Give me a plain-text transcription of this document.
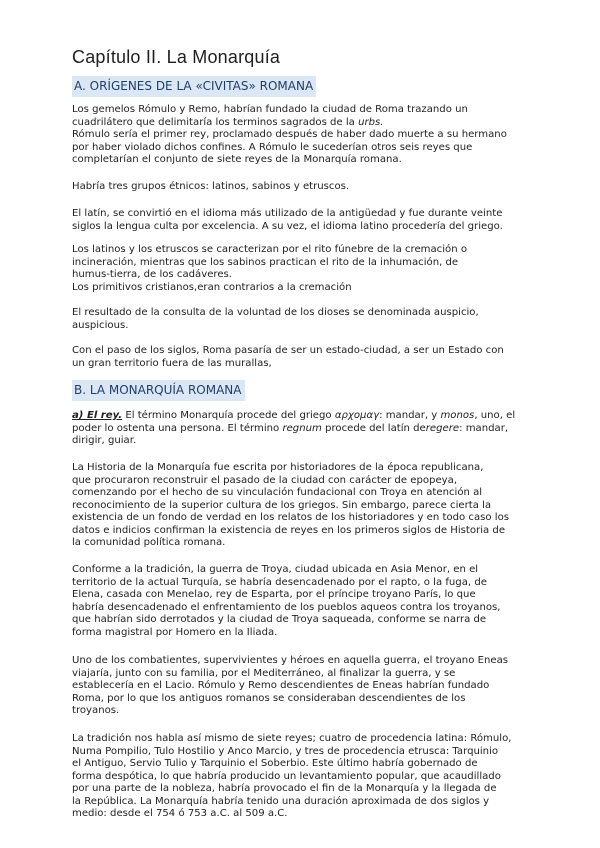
Capítulo II. La Monarquía
A. ORÍGENES DE LA «CIVITAS» ROMANA
Los gemelos Rómulo y Remo, habrían fundado la ciudad de Roma trazando un
cuadrilátero que delimitaría los terminos sagrados de la urbs.
Rómulo sería el primer rey, proclamado después de haber dado muerte a su hermano
por haber violado dichos confines. A Rómulo le sucederían otros seis reyes que
completarían el conjunto de siete reyes de la Monarquía romana.
Habría tres grupos étnicos: latinos, sabinos y etruscos.
El latín, se convirtió en el idioma más utilizado de la antigüedad y fue durante veinte
siglos la lengua culta por excelencia. A su vez, el idioma latino procedería del griego.
Los latinos y los etruscos se caracterizan por el rito fúnebre de la cremación o
incineración, mientras que los sabinos practican el rito de la inhumación, de
humus-tierra, de los cadáveres.
Los primitivos cristianos,eran contrarios a la cremación
El resultado de la consulta de la voluntad de los dioses se denominada auspicio,
auspicious.
Con el paso de los siglos, Roma pasaría de ser un estado-ciudad, a ser un Estado con
un gran territorio fuera de las murallas,
B. LA MONARQUÍA ROMANA
a) El rey. El término Monarquía procede del griego αρχομαγ: mandar, y monos, uno, el
poder lo ostenta una persona. El término regnum procede del latín deregere: mandar,
dirigir, guiar.
La Historia de la Monarquía fue escrita por historiadores de la época republicana,
que procuraron reconstruir el pasado de la ciudad con carácter de epopeya,
comenzando por el hecho de su vinculación fundacional con Troya en atención al
reconocimiento de la superior cultura de los griegos. Sin embargo, parece cierta la
existencia de un fondo de verdad en los relatos de los historiadores y en todo caso los
datos e indicios confirman la existencia de reyes en los primeros siglos de Historia de
la comunidad política romana.
Conforme a la tradición, la guerra de Troya, ciudad ubicada en Asia Menor, en el
territorio de la actual Turquía, se habría desencadenado por el rapto, o la fuga, de
Elena, casada con Menelao, rey de Esparta, por el príncipe troyano París, lo que
habría desencadenado el enfrentamiento de los pueblos aqueos contra los troyanos,
que habrían sido derrotados y la ciudad de Troya saqueada, conforme se narra de
forma magistral por Homero en la Iliada.
Uno de los combatientes, supervivientes y héroes en aquella guerra, el troyano Eneas
viajaría, junto con su familia, por el Mediterráneo, al finalizar la guerra, y se
establecería en el Lacio. Rómulo y Remo descendientes de Eneas habrían fundado
Roma, por lo que los antiguos romanos se consideraban descendientes de los
troyanos.
La tradición nos habla así mismo de siete reyes; cuatro de procedencia latina: Rómulo,
Numa Pompilio, Tulo Hostilio y Anco Marcio, y tres de procedencia etrusca: Tarquinio
el Antiguo, Servio Tulio y Tarquinio el Soberbio. Este último habría gobernado de
forma despótica, lo que habría producido un levantamiento popular, que acaudillado
por una parte de la nobleza, habría provocado el fin de la Monarquía y la llegada de
la República. La Monarquía habría tenido una duración aproximada de dos siglos y
medio: desde el 754 ó 753 a.C. al 509 a.C.
